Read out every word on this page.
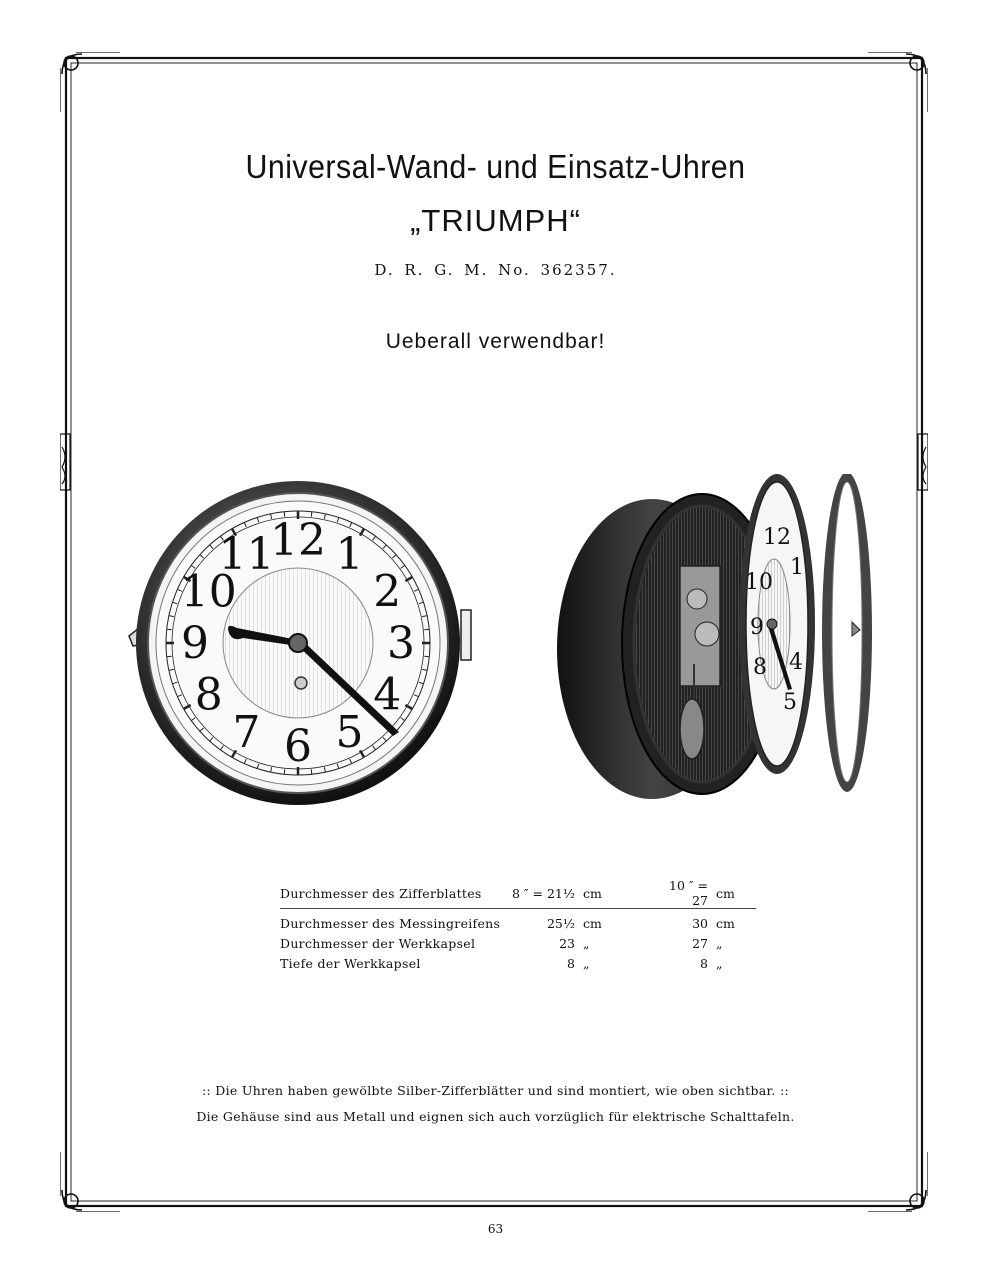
Universal-Wand- und Einsatz-Uhren
„TRIUMPH“
D. R. G. M. No. 362357.
Ueberall verwendbar!
12 1
2
3
4
5
6
7
8
9
10
11	12
1
4
5
8
9
10
Durchmesser des Zifferblattes	8 ″ = 21½	cm	10 ″ = 27	cm
Durchmesser des Messingreifens	25½	cm	30	cm
Durchmesser der Werkkapsel	23	„	27	„
Tiefe der Werkkapsel	8	„	8	„
:: Die Uhren haben gewölbte Silber-Zifferblätter und sind montiert, wie oben sichtbar. ::
Die Gehäuse sind aus Metall und eignen sich auch vorzüglich für elektrische Schalttafeln.
63
